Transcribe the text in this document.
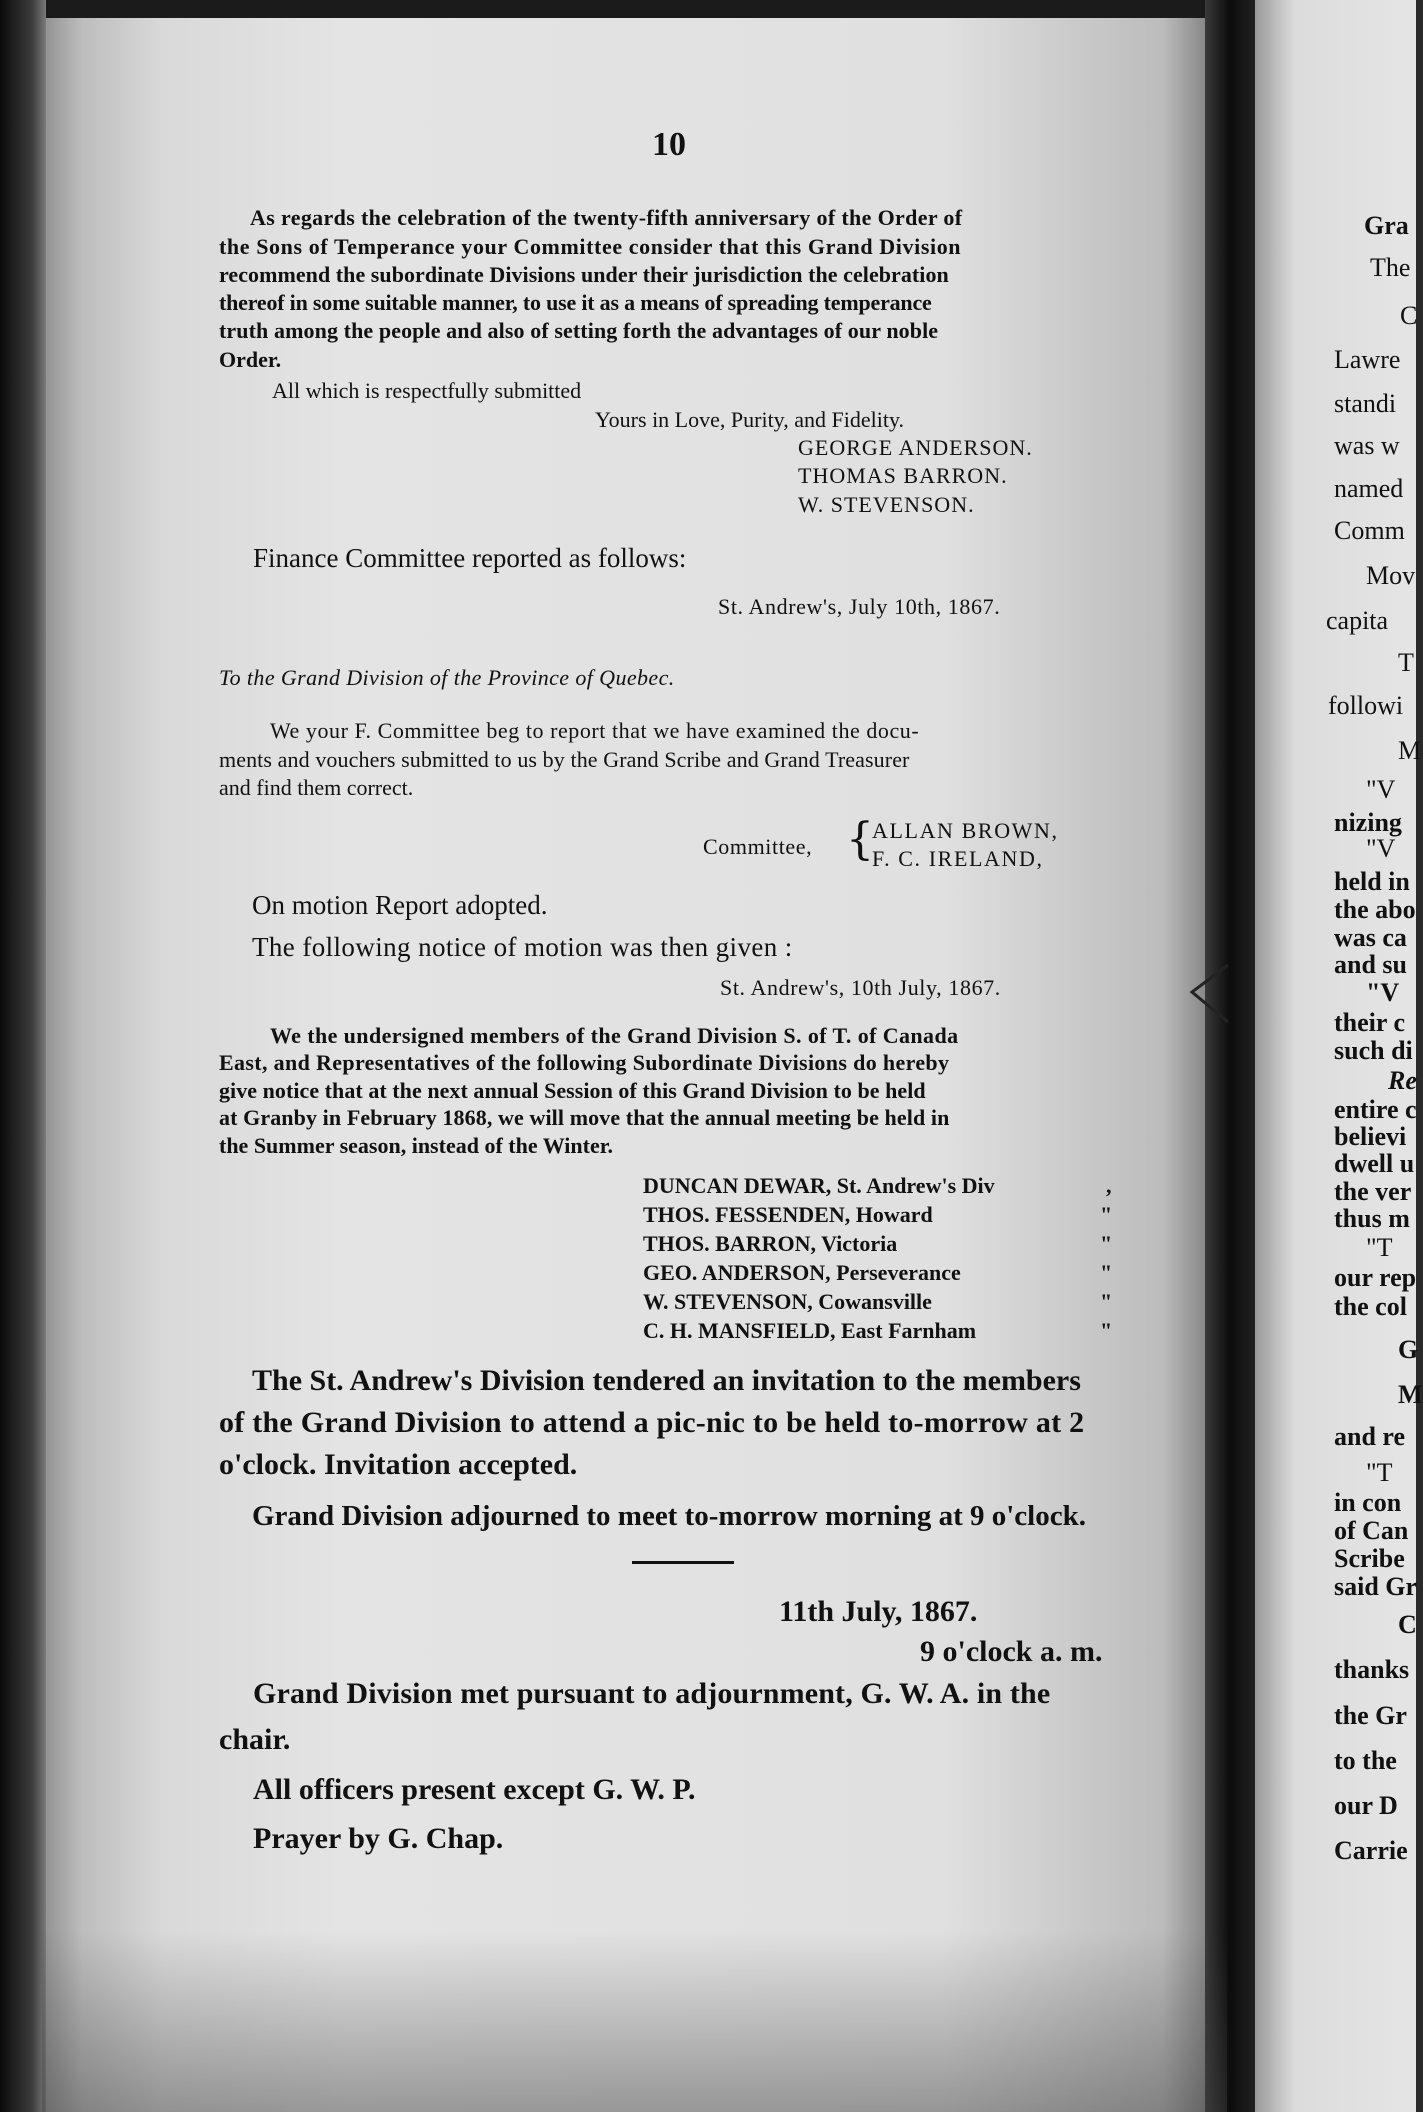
10
As regards the celebration of the twenty-fifth anniversary of the Order of
the Sons of Temperance your Committee consider that this Grand Division
recommend the subordinate Divisions under their jurisdiction the celebration
thereof in some suitable manner, to use it as a means of spreading temperance
truth among the people and also of setting forth the advantages of our noble
Order.
All which is respectfully submitted
Yours in Love, Purity, and Fidelity.
GEORGE ANDERSON.
THOMAS BARRON.
W. STEVENSON.
Finance Committee reported as follows:
St. Andrew's, July 10th, 1867.
To the Grand Division of the Province of Quebec.
We your F. Committee beg to report that we have examined the docu-
ments and vouchers submitted to us by the Grand Scribe and Grand Treasurer
and find them correct.
Committee, {
ALLAN BROWN,
F. C. IRELAND,
On motion Report adopted.
The following notice of motion was then given :
St. Andrew's, 10th July, 1867.
We the undersigned members of the Grand Division S. of T. of Canada
East, and Representatives of the following Subordinate Divisions do hereby
give notice that at the next annual Session of this Grand Division to be held
at Granby in February 1868, we will move that the annual meeting be held in
the Summer season, instead of the Winter.
DUNCAN DEWAR, St. Andrew's Div	,
THOS. FESSENDEN, Howard	"
THOS. BARRON, Victoria	"
GEO. ANDERSON, Perseverance	"
W. STEVENSON, Cowansville	"
C. H. MANSFIELD, East Farnham	"
The St. Andrew's Division tendered an invitation to the members
of the Grand Division to attend a pic-nic to be held to-morrow at 2
o'clock. Invitation accepted.
Grand Division adjourned to meet to-morrow morning at 9 o'clock.
11th July, 1867.
9 o'clock a. m.
Grand Division met pursuant to adjournment, G. W. A. in the
chair.
All officers present except G. W. P.
Prayer by G. Chap.
Gra
The
C
Lawre
standi
was w
named
Comm
Mov
capita
T
followi
M
"V
nizing
"V
held in
the abo
was ca
and su
"V
their c
such di
Re
entire c
believi
dwell u
the ver
thus m
"T
our rep
the col
G
M
and re
"T
in con
of Can
Scribe
said Gr
C
thanks
the Gr
to the
our D
Carrie
